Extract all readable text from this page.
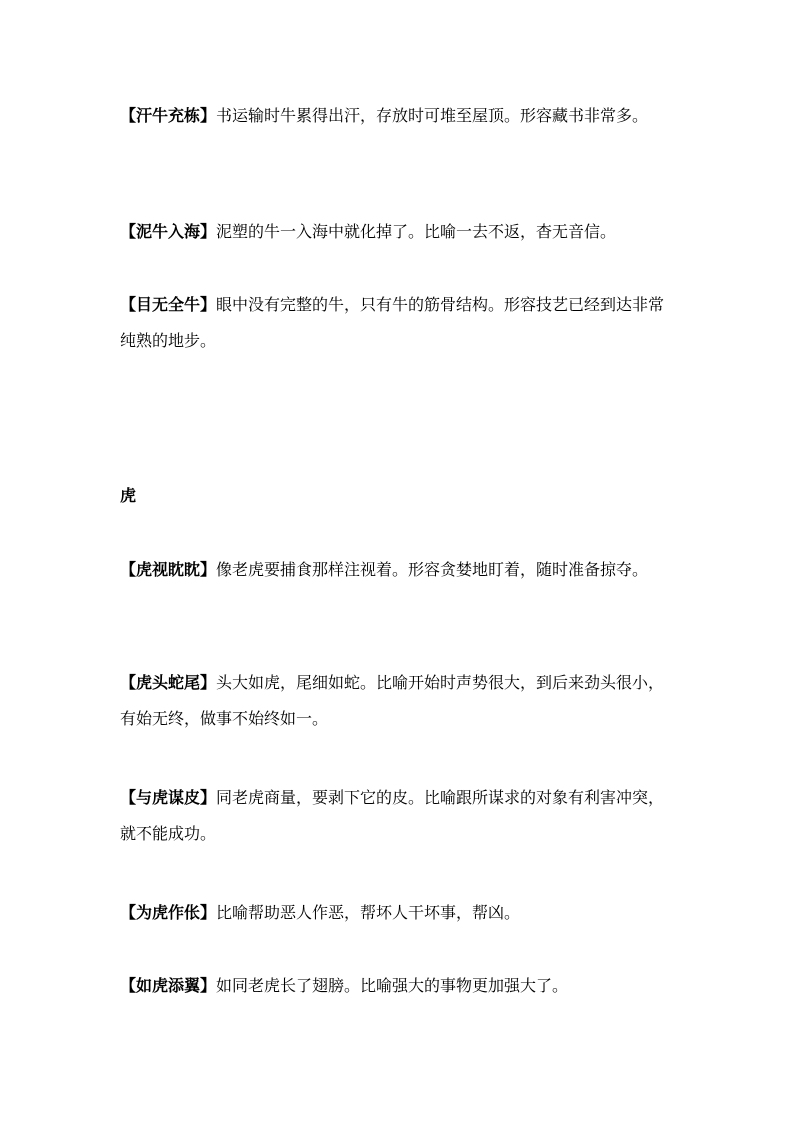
【汗牛充栋】书运输时牛累得出汗，存放时可堆至屋顶。形容藏书非常多。

【泥牛入海】泥塑的牛一入海中就化掉了。比喻一去不返，杳无音信。

【目无全牛】眼中没有完整的牛，只有牛的筋骨结构。形容技艺已经到达非常纯熟的地步。

虎

【虎视眈眈】像老虎要捕食那样注视着。形容贪婪地盯着，随时准备掠夺。

【虎头蛇尾】头大如虎，尾细如蛇。比喻开始时声势很大，到后来劲头很小，有始无终，做事不始终如一。

【与虎谋皮】同老虎商量，要剥下它的皮。比喻跟所谋求的对象有利害冲突，就不能成功。

【为虎作伥】比喻帮助恶人作恶，帮坏人干坏事，帮凶。

【如虎添翼】如同老虎长了翅膀。比喻强大的事物更加强大了。
